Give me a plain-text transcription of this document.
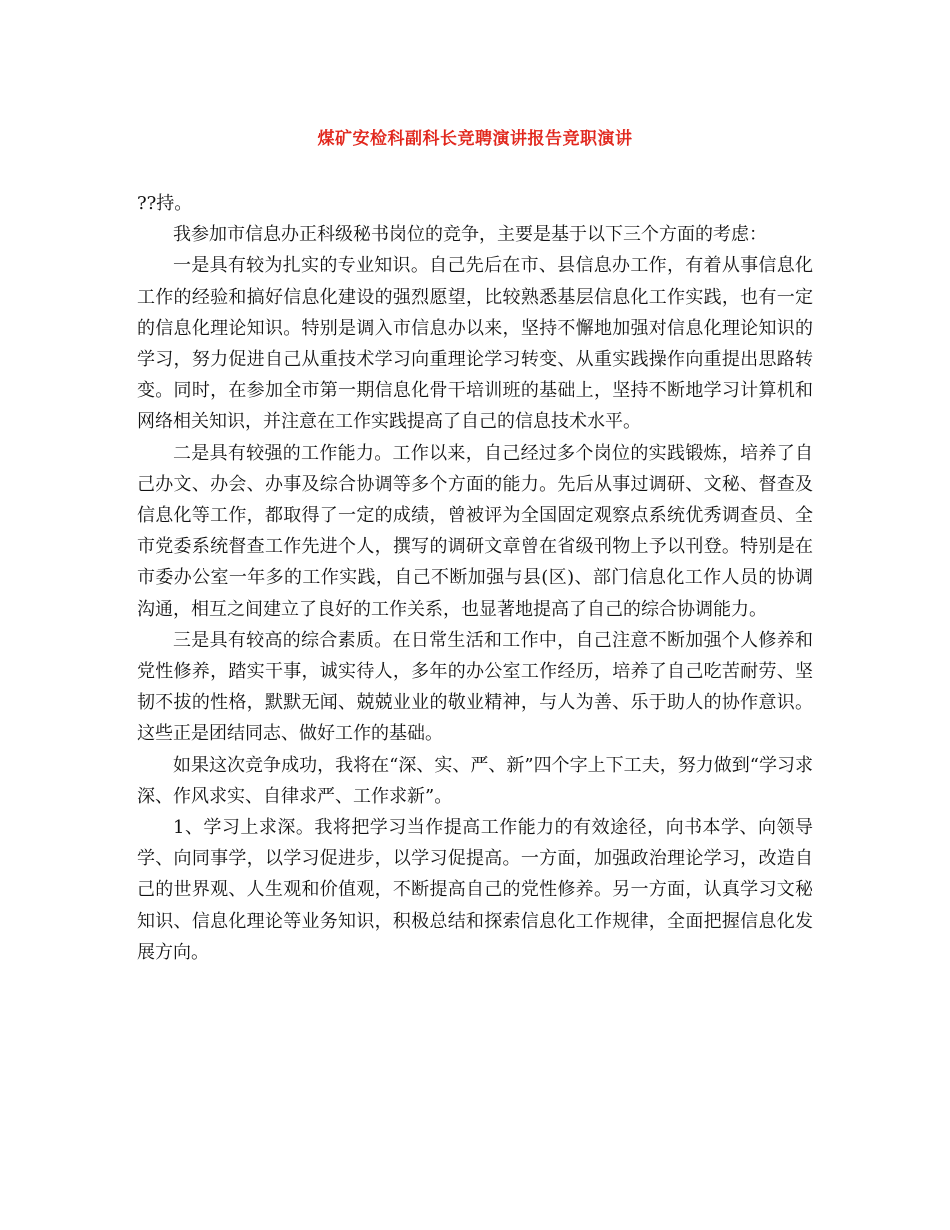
煤矿安检科副科长竞聘演讲报告竞职演讲

??持。

我参加市信息办正科级秘书岗位的竞争，主要是基于以下三个方面的考虑：

一是具有较为扎实的专业知识。自己先后在市、县信息办工作，有着从事信息化工作的经验和搞好信息化建设的强烈愿望，比较熟悉基层信息化工作实践，也有一定的信息化理论知识。特别是调入市信息办以来，坚持不懈地加强对信息化理论知识的学习，努力促进自己从重技术学习向重理论学习转变、从重实践操作向重提出思路转变。同时，在参加全市第一期信息化骨干培训班的基础上，坚持不断地学习计算机和网络相关知识，并注意在工作实践提高了自己的信息技术水平。

二是具有较强的工作能力。工作以来，自己经过多个岗位的实践锻炼，培养了自己办文、办会、办事及综合协调等多个方面的能力。先后从事过调研、文秘、督查及信息化等工作，都取得了一定的成绩，曾被评为全国固定观察点系统优秀调查员、全市党委系统督查工作先进个人，撰写的调研文章曾在省级刊物上予以刊登。特别是在市委办公室一年多的工作实践，自己不断加强与县(区)、部门信息化工作人员的协调沟通，相互之间建立了良好的工作关系，也显著地提高了自己的综合协调能力。

三是具有较高的综合素质。在日常生活和工作中，自己注意不断加强个人修养和党性修养，踏实干事，诚实待人，多年的办公室工作经历，培养了自己吃苦耐劳、坚韧不拔的性格，默默无闻、兢兢业业的敬业精神，与人为善、乐于助人的协作意识。这些正是团结同志、做好工作的基础。

如果这次竞争成功，我将在“深、实、严、新”四个字上下工夫，努力做到“学习求深、作风求实、自律求严、工作求新”。

1、学习上求深。我将把学习当作提高工作能力的有效途径，向书本学、向领导学、向同事学，以学习促进步，以学习促提高。一方面，加强政治理论学习，改造自己的世界观、人生观和价值观，不断提高自己的党性修养。另一方面，认真学习文秘知识、信息化理论等业务知识，积极总结和探索信息化工作规律，全面把握信息化发展方向。
